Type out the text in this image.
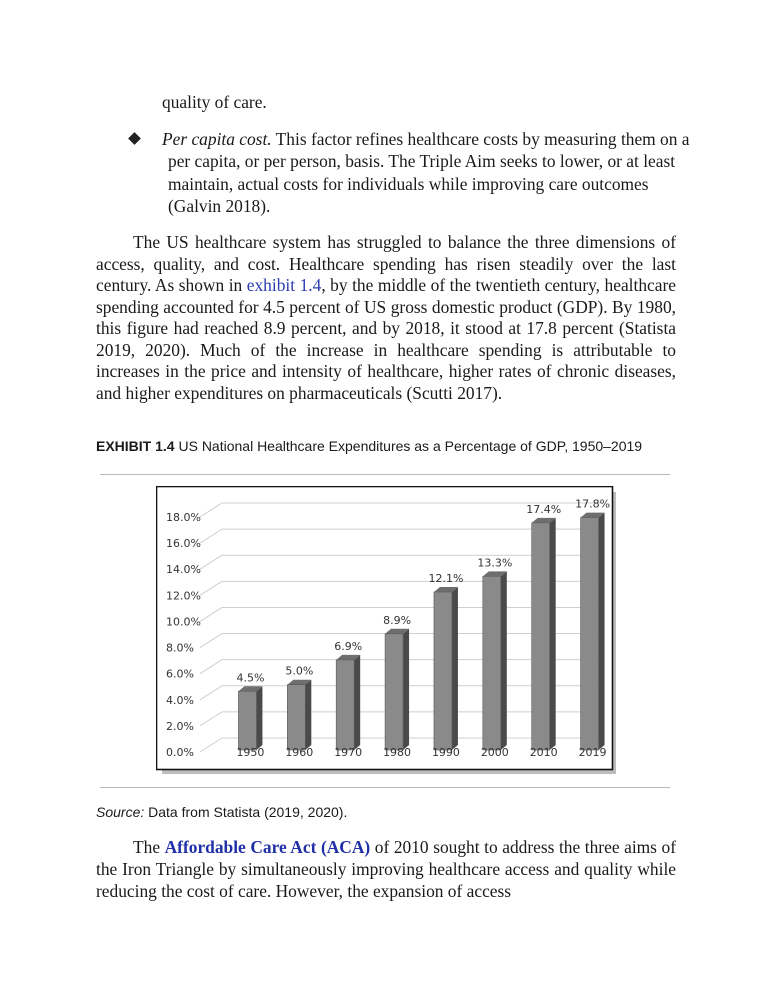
quality of care.
Per capita cost. This factor refines healthcare costs by measuring them on a per capita, or per person, basis. The Triple Aim seeks to lower, or at least maintain, actual costs for individuals while improving care outcomes (Galvin 2018).
The US healthcare system has struggled to balance the three dimensions of access, quality, and cost. Healthcare spending has risen steadily over the last century. As shown in exhibit 1.4, by the middle of the twentieth century, healthcare spending accounted for 4.5 percent of US gross domestic product (GDP). By 1980, this figure had reached 8.9 percent, and by 2018, it stood at 17.8 percent (Statista 2019, 2020). Much of the increase in healthcare spending is attributable to increases in the price and intensity of healthcare, higher rates of chronic diseases, and higher expenditures on pharmaceuticals (Scutti 2017).
EXHIBIT 1.4 US National Healthcare Expenditures as a Percentage of GDP, 1950–2019
0.0%
2.0%
4.0%
6.0%
8.0%
10.0%
12.0%
14.0%
16.0%
18.0%
4.5%
1950
5.0%
1960
6.9%
1970
8.9%
1980
12.1%
1990
13.3%
2000
17.4%
2010
17.8%
2019
Source: Data from Statista (2019, 2020).
The Affordable Care Act (ACA) of 2010 sought to address the three aims of the Iron Triangle by simultaneously improving healthcare access and quality while reducing the cost of care. However, the expansion of access
